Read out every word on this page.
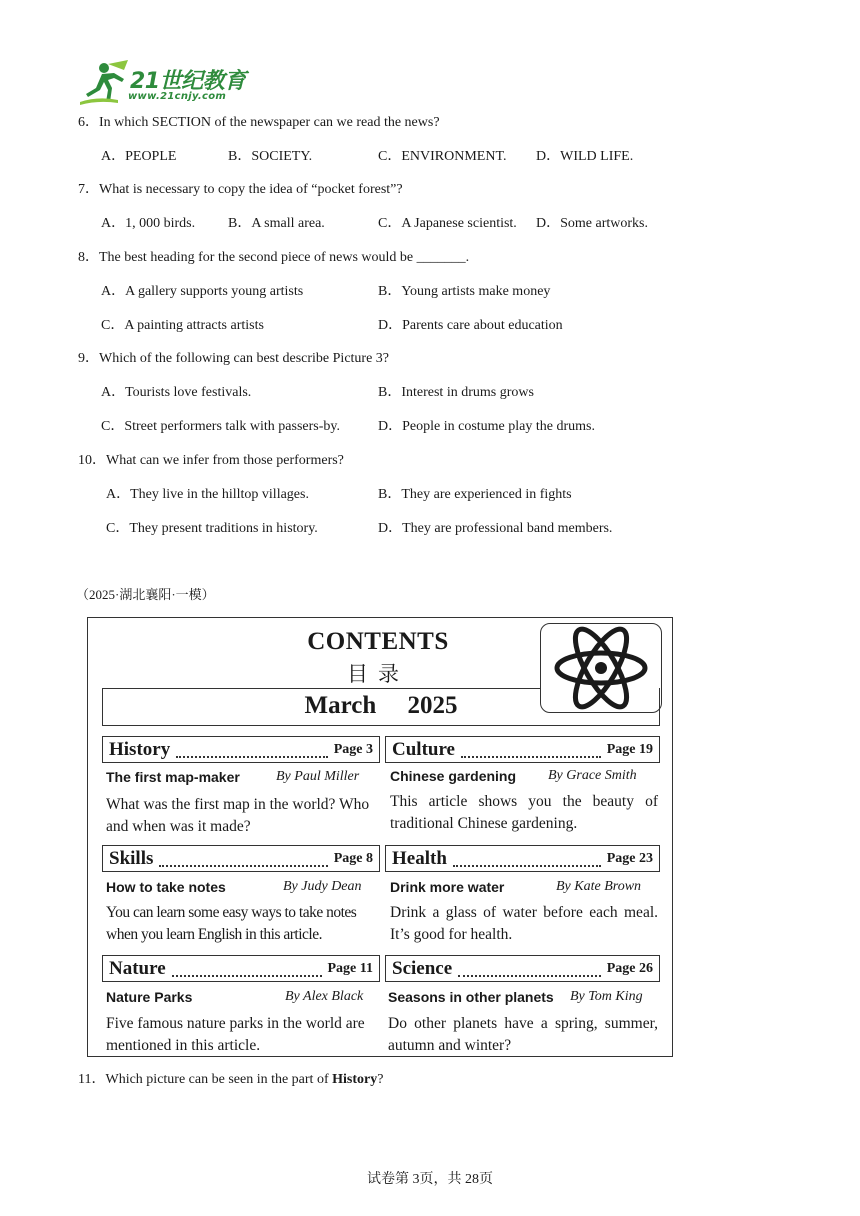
21世纪教育
www.21cnjy.com
6．In which SECTION of the newspaper can we read the news?
A．PEOPLE	B．SOCIETY.	C．ENVIRONMENT. D．WILD LIFE.
7．What is necessary to copy the idea of “pocket forest”?
A．1, 000 birds. B．A small area.	C．A Japanese scientist. D．Some artworks.
8．The best heading for the second piece of news would be _______.
A．A gallery supports young artists	B．Young artists make money
C．A painting attracts artists	D．Parents care about education
9．Which of the following can best describe Picture 3?
A．Tourists love festivals.	B．Interest in drums grows
C．Street performers talk with passers-by.	D．People in costume play the drums.
10．What can we infer from those performers?
A．They live in the hilltop villages.	B．They are experienced in fights
C．They present traditions in history.	D．They are professional band members.
（2025·湖北襄阳·一模）
CONTENTS
目录
March     2025
History	Page 3
The first map-maker	By Paul Miller
What was the first map in the world? Who and when was it made?
Culture	Page 19
Chinese gardening By Grace Smith
This article shows you the beauty of traditional Chinese gardening.
Skills	Page 8
How to take notes	By Judy Dean
You can learn some easy ways to take notes when you learn English in this article.
Health	Page 23
Drink more water	By Kate Brown
Drink a glass of water before each meal. It’s good for health.
Nature	Page 11
Nature Parks	By Alex Black
Five famous nature parks in the world are mentioned in this article.
Science	Page 26
Seasons in other planets By Tom King
Do other planets have a spring, summer, autumn and winter?
11．Which picture can be seen in the part of History?
试卷第 3页，共 28页
